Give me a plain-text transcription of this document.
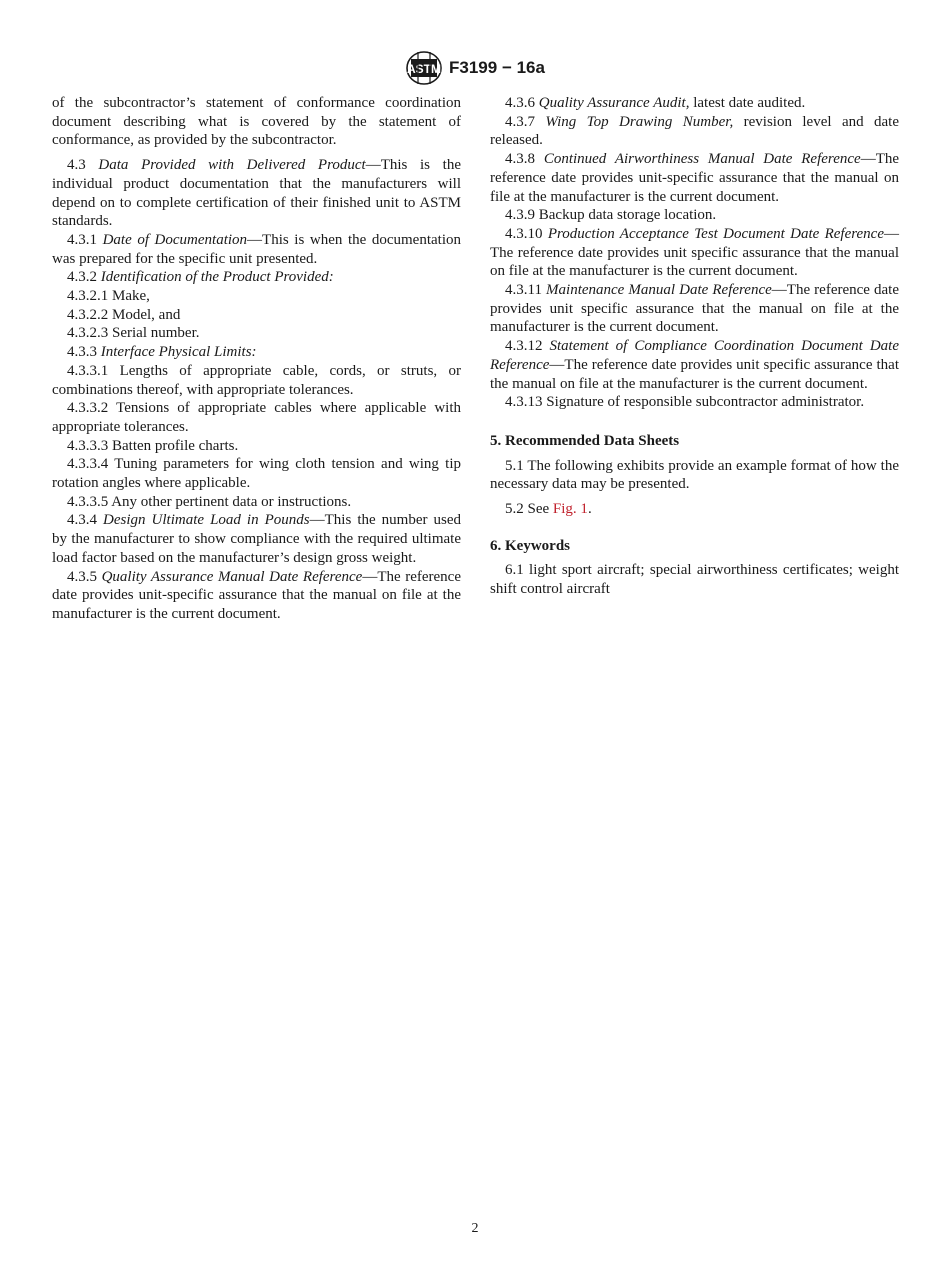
ASTM F3199 − 16a

of the subcontractor’s statement of conformance coordination document describing what is covered by the statement of conformance, as provided by the subcontractor.

4.3 Data Provided with Delivered Product—This is the individual product documentation that the manufacturers will depend on to complete certification of their finished unit to ASTM standards.

4.3.1 Date of Documentation—This is when the documentation was prepared for the specific unit presented.

4.3.2 Identification of the Product Provided:

4.3.2.1 Make,

4.3.2.2 Model, and

4.3.2.3 Serial number.

4.3.3 Interface Physical Limits:

4.3.3.1 Lengths of appropriate cable, cords, or struts, or combinations thereof, with appropriate tolerances.

4.3.3.2 Tensions of appropriate cables where applicable with appropriate tolerances.

4.3.3.3 Batten profile charts.

4.3.3.4 Tuning parameters for wing cloth tension and wing tip rotation angles where applicable.

4.3.3.5 Any other pertinent data or instructions.

4.3.4 Design Ultimate Load in Pounds—This the number used by the manufacturer to show compliance with the required ultimate load factor based on the manufacturer’s design gross weight.

4.3.5 Quality Assurance Manual Date Reference—The reference date provides unit-specific assurance that the manual on file at the manufacturer is the current document.

4.3.6 Quality Assurance Audit, latest date audited.

4.3.7 Wing Top Drawing Number, revision level and date released.

4.3.8 Continued Airworthiness Manual Date Reference—The reference date provides unit-specific assurance that the manual on file at the manufacturer is the current document.

4.3.9 Backup data storage location.

4.3.10 Production Acceptance Test Document Date Reference—The reference date provides unit specific assurance that the manual on file at the manufacturer is the current document.

4.3.11 Maintenance Manual Date Reference—The reference date provides unit specific assurance that the manual on file at the manufacturer is the current document.

4.3.12 Statement of Compliance Coordination Document Date Reference—The reference date provides unit specific assurance that the manual on file at the manufacturer is the current document.

4.3.13 Signature of responsible subcontractor administrator.

5. Recommended Data Sheets

5.1 The following exhibits provide an example format of how the necessary data may be presented.

5.2 See Fig. 1.

6. Keywords

6.1 light sport aircraft; special airworthiness certificates; weight shift control aircraft

2
